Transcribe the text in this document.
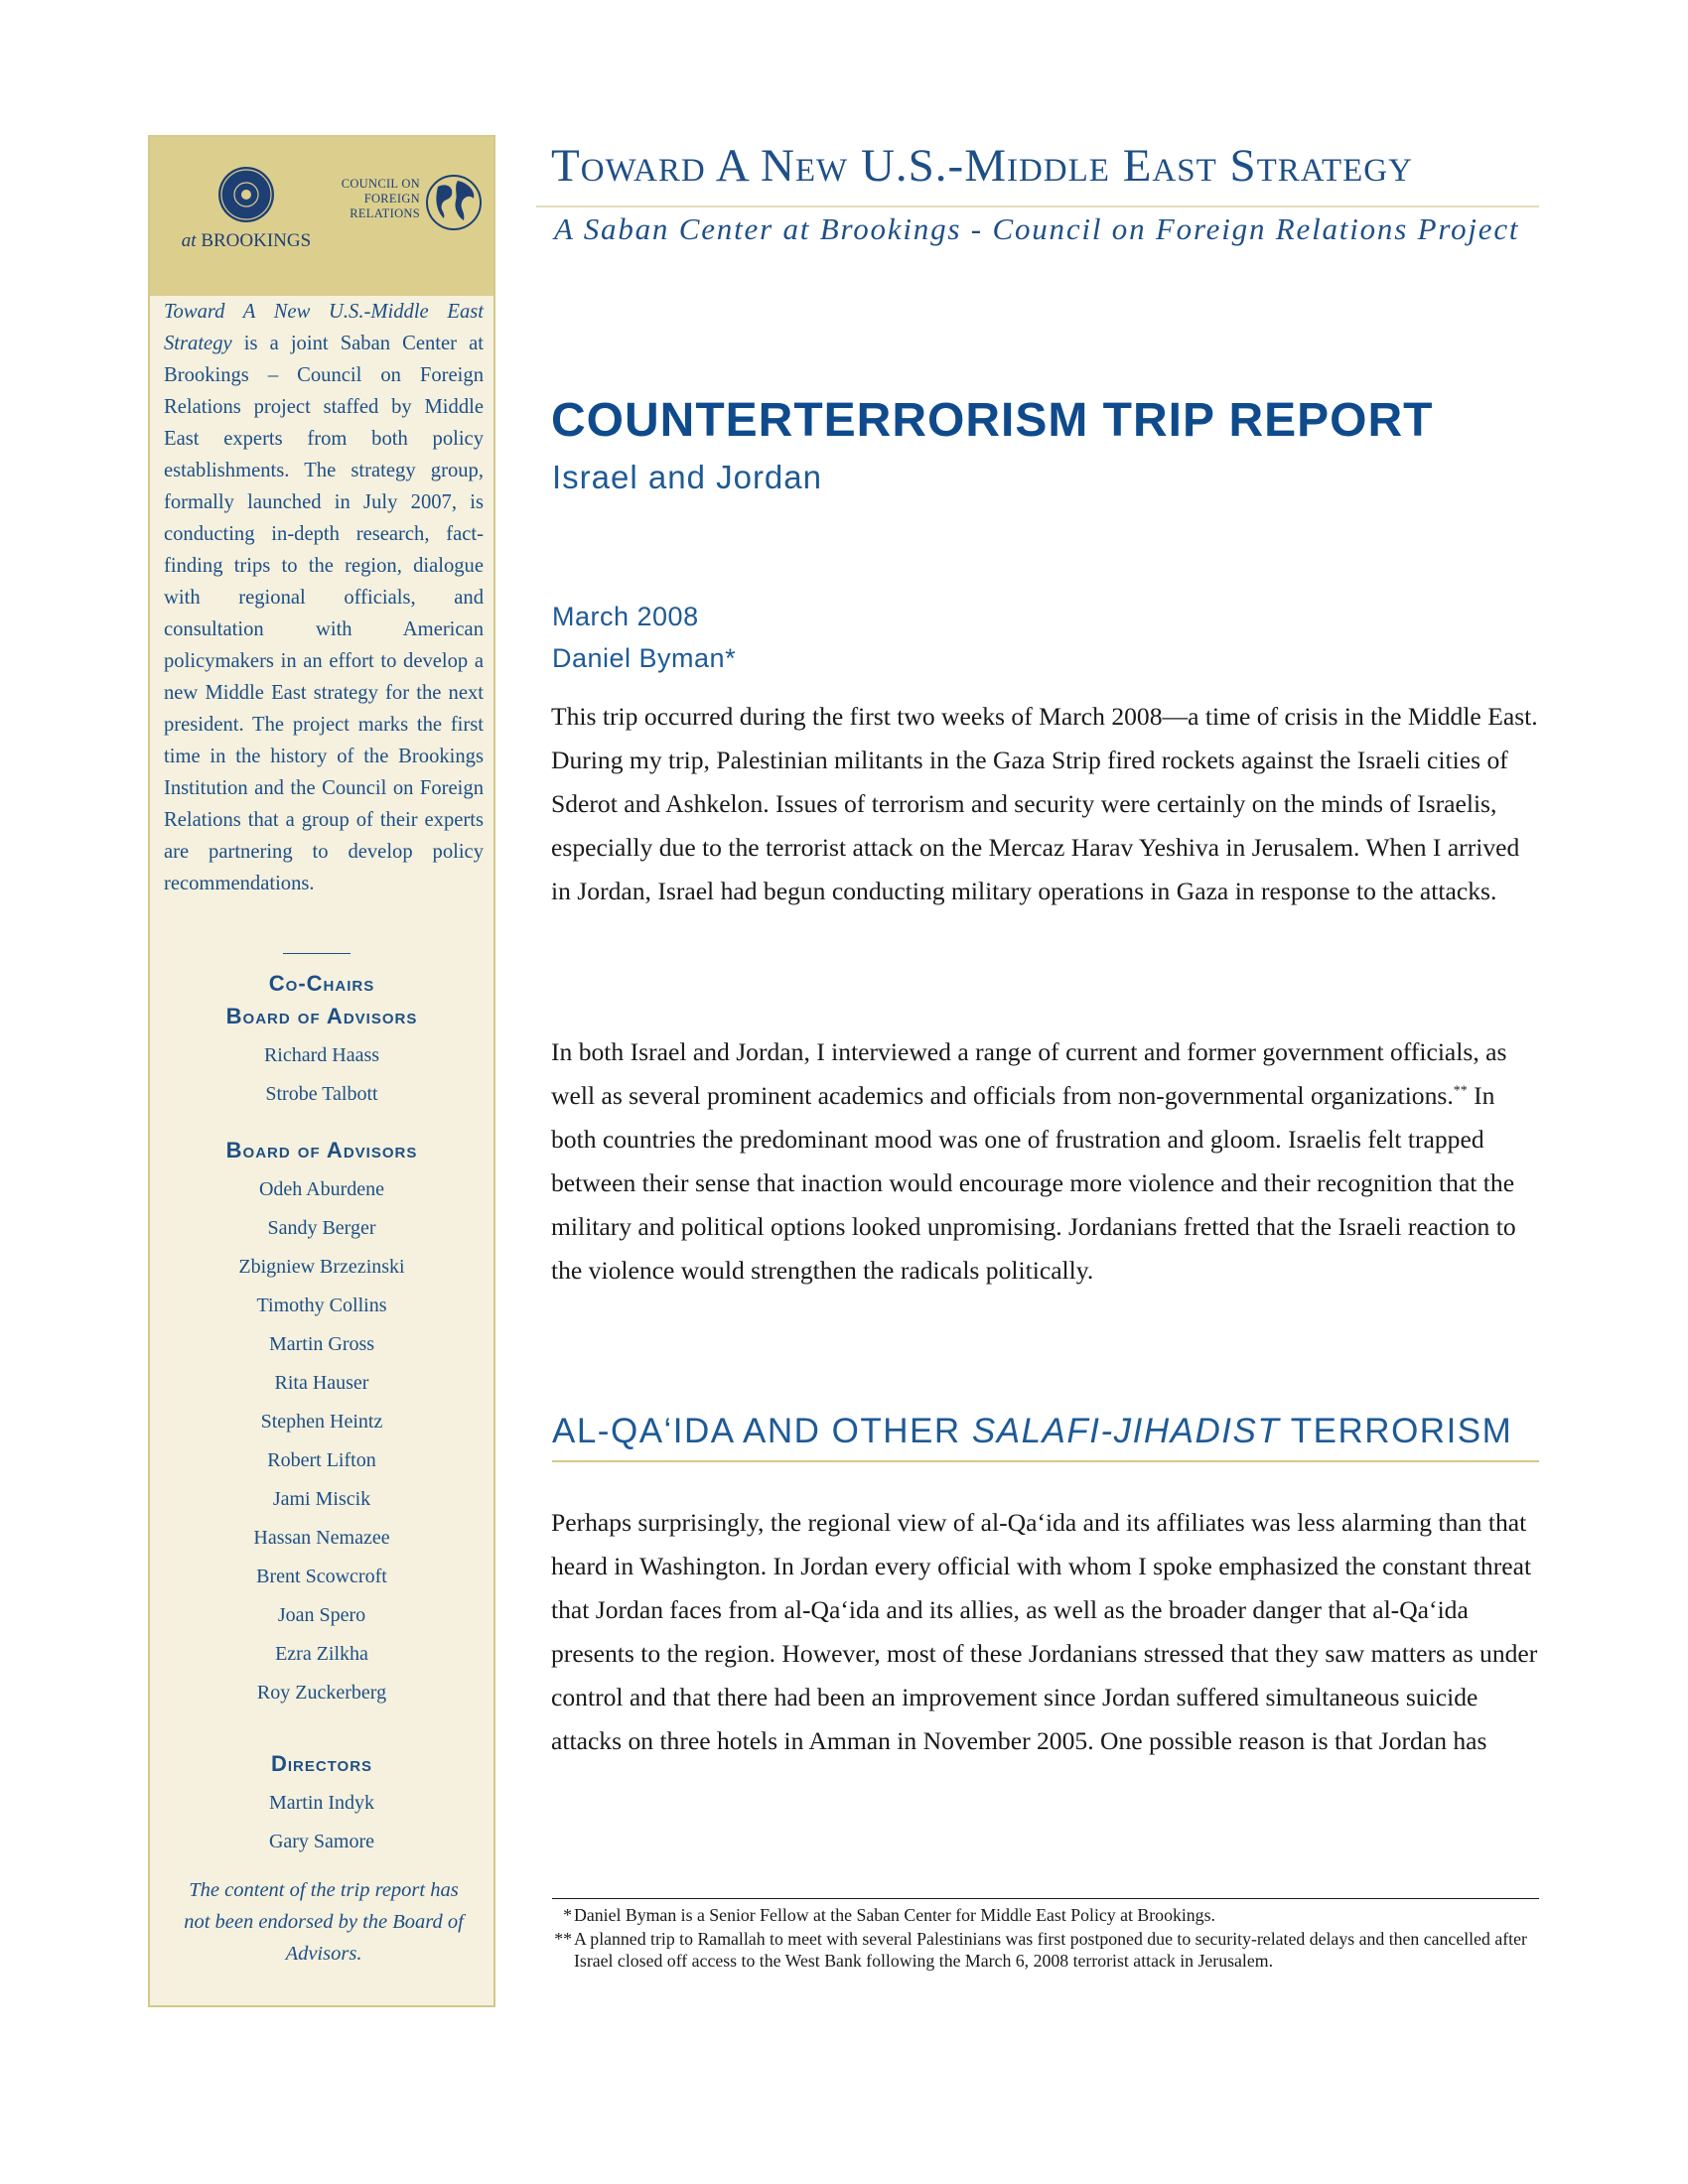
at BROOKINGS
COUNCIL ON
FOREIGN
RELATIONS
Toward A New U.S.-Middle East Strategy is a joint Saban Center at Brookings – Council on Foreign Relations project staffed by Middle East experts from both policy establishments. The strategy group, formally launched in July 2007, is conducting in-depth research, fact-finding trips to the region, dialogue with regional officials, and consultation with American policymakers in an effort to develop a new Middle East strategy for the next president. The project marks the first time in the history of the Brookings Institution and the Council on Foreign Relations that a group of their experts are partnering to develop policy recommendations.
Co-Chairs
Board of Advisors
Richard Haass
Strobe Talbott
Board of Advisors
Odeh Aburdene
Sandy Berger
Zbigniew Brzezinski
Timothy Collins
Martin Gross
Rita Hauser
Stephen Heintz
Robert Lifton
Jami Miscik
Hassan Nemazee
Brent Scowcroft
Joan Spero
Ezra Zilkha
Roy Zuckerberg
Directors
Martin Indyk
Gary Samore
The content of the trip report has not been endorsed by the Board of Advisors.
Toward A New U.S.-Middle East Strategy
A Saban Center at Brookings - Council on Foreign Relations Project
COUNTERTERRORISM TRIP REPORT
Israel and Jordan
March 2008
Daniel Byman*

This trip occurred during the first two weeks of March 2008—a time of crisis in the Middle East. During my trip, Palestinian militants in the Gaza Strip fired rockets against the Israeli cities of Sderot and Ashkelon. Issues of terrorism and security were certainly on the minds of Israelis, especially due to the terrorist attack on the Mercaz Harav Yeshiva in Jerusalem. When I arrived in Jordan, Israel had begun conducting military operations in Gaza in response to the attacks.

In both Israel and Jordan, I interviewed a range of current and former government officials, as well as several prominent academics and officials from non-governmental organizations.** In both countries the predominant mood was one of frustration and gloom. Israelis felt trapped between their sense that inaction would encourage more violence and their recognition that the military and political options looked unpromising. Jordanians fretted that the Israeli reaction to the violence would strengthen the radicals politically.

AL-QA‘IDA AND OTHER SALAFI-JIHADIST TERRORISM

Perhaps surprisingly, the regional view of al-Qa‘ida and its affiliates was less alarming than that heard in Washington. In Jordan every official with whom I spoke emphasized the constant threat that Jordan faces from al-Qa‘ida and its allies, as well as the broader danger that al-Qa‘ida presents to the region. However, most of these Jordanians stressed that they saw matters as under control and that there had been an improvement since Jordan suffered simultaneous suicide attacks on three hotels in Amman in November 2005. One possible reason is that Jordan has

* Daniel Byman is a Senior Fellow at the Saban Center for Middle East Policy at Brookings.
** A planned trip to Ramallah to meet with several Palestinians was first postponed due to security-related delays and then cancelled after Israel closed off access to the West Bank following the March 6, 2008 terrorist attack in Jerusalem.
